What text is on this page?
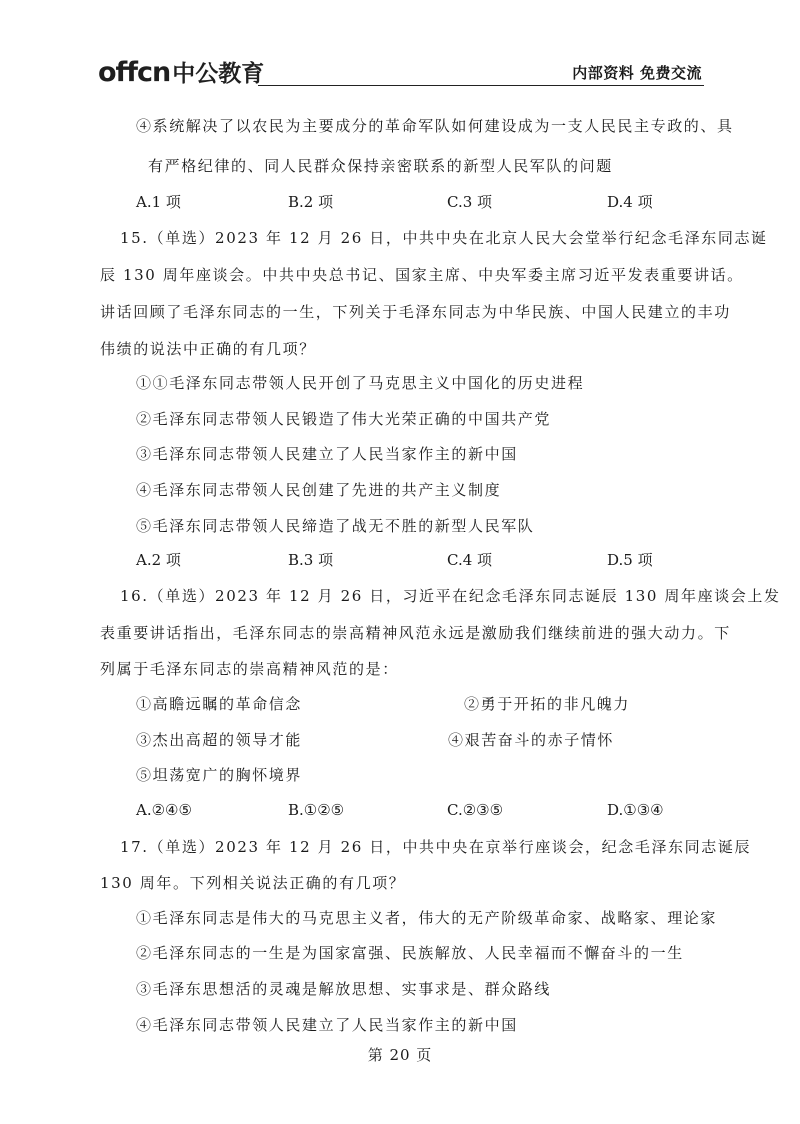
offcn 中公教育	内部资料 免费交流
④系统解决了以农民为主要成分的革命军队如何建设成为一支人民民主专政的、具
有严格纪律的、同人民群众保持亲密联系的新型人民军队的问题
A.1 项	B.2 项	C.3 项	D.4 项
15.（单选）2023 年 12 月 26 日，中共中央在北京人民大会堂举行纪念毛泽东同志诞
辰 130 周年座谈会。中共中央总书记、国家主席、中央军委主席习近平发表重要讲话。
讲话回顾了毛泽东同志的一生，下列关于毛泽东同志为中华民族、中国人民建立的丰功
伟绩的说法中正确的有几项？
①①毛泽东同志带领人民开创了马克思主义中国化的历史进程
②毛泽东同志带领人民锻造了伟大光荣正确的中国共产党
③毛泽东同志带领人民建立了人民当家作主的新中国
④毛泽东同志带领人民创建了先进的共产主义制度
⑤毛泽东同志带领人民缔造了战无不胜的新型人民军队
A.2 项	B.3 项	C.4 项	D.5 项
16.（单选）2023 年 12 月 26 日，习近平在纪念毛泽东同志诞辰 130 周年座谈会上发
表重要讲话指出，毛泽东同志的崇高精神风范永远是激励我们继续前进的强大动力。下
列属于毛泽东同志的崇高精神风范的是：
①高瞻远瞩的革命信念	②勇于开拓的非凡魄力
③杰出高超的领导才能	④艰苦奋斗的赤子情怀
⑤坦荡宽广的胸怀境界
A.②④⑤	B.①②⑤	C.②③⑤	D.①③④
17.（单选）2023 年 12 月 26 日，中共中央在京举行座谈会，纪念毛泽东同志诞辰
130 周年。下列相关说法正确的有几项？
①毛泽东同志是伟大的马克思主义者，伟大的无产阶级革命家、战略家、理论家
②毛泽东同志的一生是为国家富强、民族解放、人民幸福而不懈奋斗的一生
③毛泽东思想活的灵魂是解放思想、实事求是、群众路线
④毛泽东同志带领人民建立了人民当家作主的新中国
第 20 页
